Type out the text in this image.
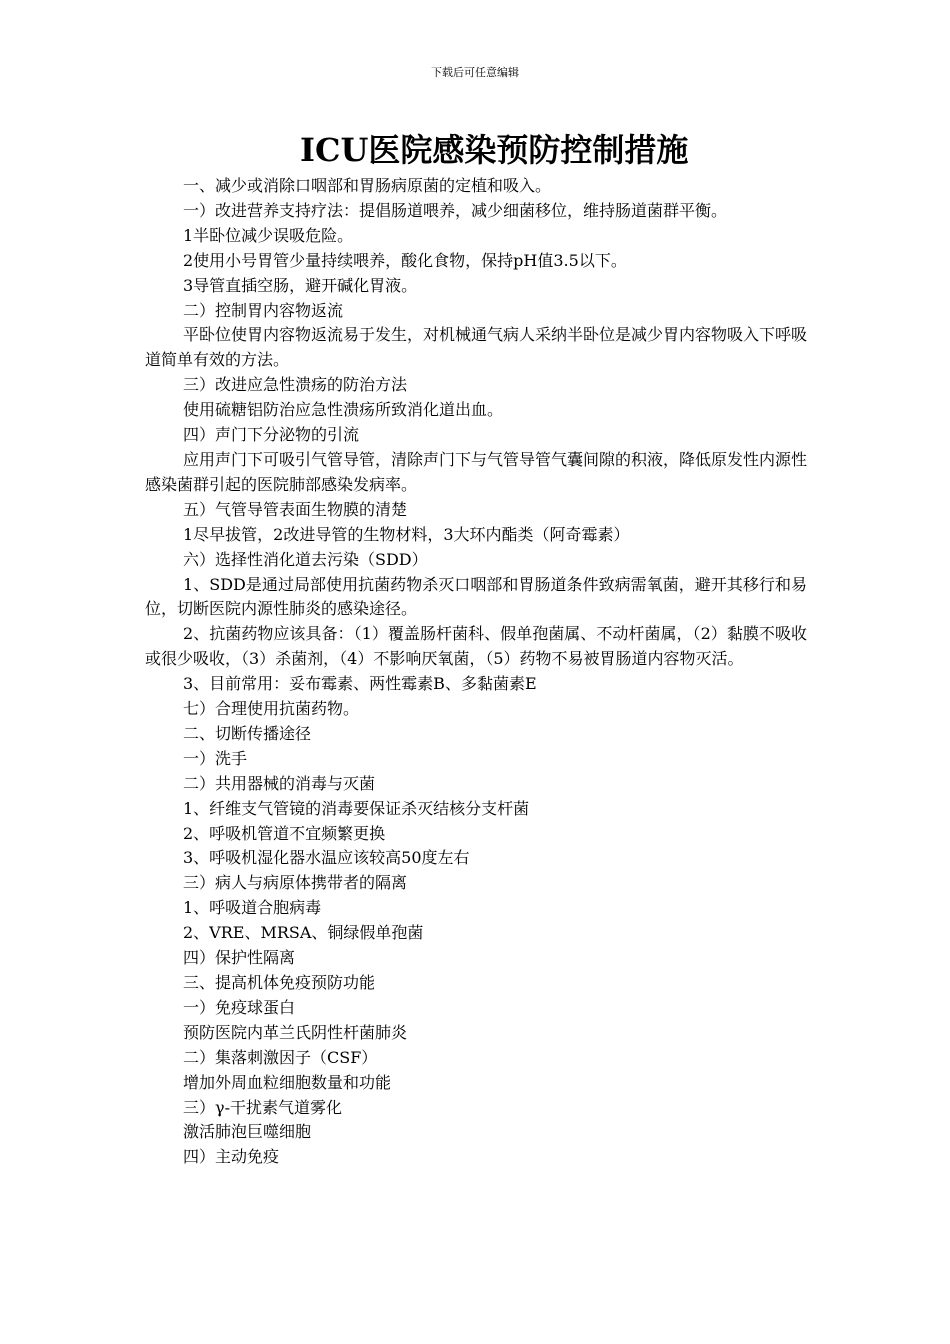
下载后可任意编辑
ICU医院感染预防控制措施

一、减少或消除口咽部和胃肠病原菌的定植和吸入。

一）改进营养支持疗法：提倡肠道喂养，减少细菌移位，维持肠道菌群平衡。

1半卧位减少误吸危险。

2使用小号胃管少量持续喂养，酸化食物，保持pH值3.5以下。

3导管直插空肠，避开碱化胃液。

二）控制胃内容物返流

平卧位使胃内容物返流易于发生，对机械通气病人采纳半卧位是减少胃内容物吸入下呼吸道简单有效的方法。

三）改进应急性溃疡的防治方法

使用硫糖铝防治应急性溃疡所致消化道出血。

四）声门下分泌物的引流

应用声门下可吸引气管导管，清除声门下与气管导管气囊间隙的积液，降低原发性内源性感染菌群引起的医院肺部感染发病率。

五）气管导管表面生物膜的清楚

1尽早拔管，2改进导管的生物材料，3大环内酯类（阿奇霉素）

六）选择性消化道去污染（SDD）

1、SDD是通过局部使用抗菌药物杀灭口咽部和胃肠道条件致病需氧菌，避开其移行和易位，切断医院内源性肺炎的感染途径。

2、抗菌药物应该具备：（1）覆盖肠杆菌科、假单孢菌属、不动杆菌属，（2）黏膜不吸收或很少吸收，（3）杀菌剂，（4）不影响厌氧菌，（5）药物不易被胃肠道内容物灭活。

3、目前常用：妥布霉素、两性霉素B、多黏菌素E

七）合理使用抗菌药物。

二、切断传播途径

一）洗手

二）共用器械的消毒与灭菌

1、纤维支气管镜的消毒要保证杀灭结核分支杆菌

2、呼吸机管道不宜频繁更换

3、呼吸机湿化器水温应该较高50度左右

三）病人与病原体携带者的隔离

1、呼吸道合胞病毒

2、VRE、MRSA、铜绿假单孢菌

四）保护性隔离

三、提高机体免疫预防功能

一）免疫球蛋白

预防医院内革兰氏阴性杆菌肺炎

二）集落刺激因子（CSF）

增加外周血粒细胞数量和功能

三）γ-干扰素气道雾化

激活肺泡巨噬细胞

四）主动免疫
